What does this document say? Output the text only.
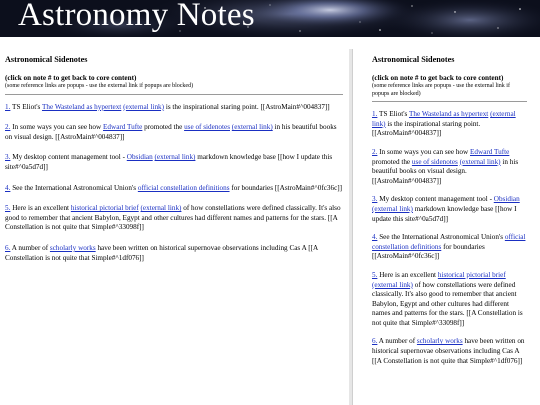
Astronomy Notes
Astronomical Sidenotes

(click on note # to get back to core content)

(some reference links are popups - use the external link if popups are blocked)

1. TS Eliot's The Wasteland as hypertext (external link) is the inspirational staring point. [[AstroMain#^004837]]
2. In some ways you can see how Edward Tufte promoted the use of sidenotes (external link) in his beautiful books on visual design. [[AstroMain#^004837]]
3. My desktop content management tool - Obsidian (external link) markdown knowledge base [[how I update this site#^0a5d7d]]
4. See the International Astronomical Union's official constellation definitions for boundaries [[AstroMain#^0fc36c]]
5. Here is an excellent historical pictorial brief (external link) of how constellations were defined classically. It's also good to remember that ancient Babylon, Egypt and other cultures had different names and patterns for the stars. [[A Constellation is not quite that Simple#^33098f]]
6. A number of scholarly works have been written on historical supernovae observations including Cas A [[A Constellation is not quite that Simple#^1df076]]
Astronomical Sidenotes

(click on note # to get back to core content)

(some reference links are popups - use the external link if popups are blocked)

1. TS Eliot's The Wasteland as hypertext (external link) is the inspirational staring point. [[AstroMain#^004837]]
2. In some ways you can see how Edward Tufte promoted the use of sidenotes (external link) in his beautiful books on visual design. [[AstroMain#^004837]]
3. My desktop content management tool - Obsidian (external link) markdown knowledge base [[how I update this site#^0a5d7d]]
4. See the International Astronomical Union's official constellation definitions for boundaries [[AstroMain#^0fc36c]]
5. Here is an excellent historical pictorial brief (external link) of how constellations were defined classically. It's also good to remember that ancient Babylon, Egypt and other cultures had different names and patterns for the stars. [[A Constellation is not quite that Simple#^33098f]]
6. A number of scholarly works have been written on historical supernovae observations including Cas A [[A Constellation is not quite that Simple#^1df076]]
